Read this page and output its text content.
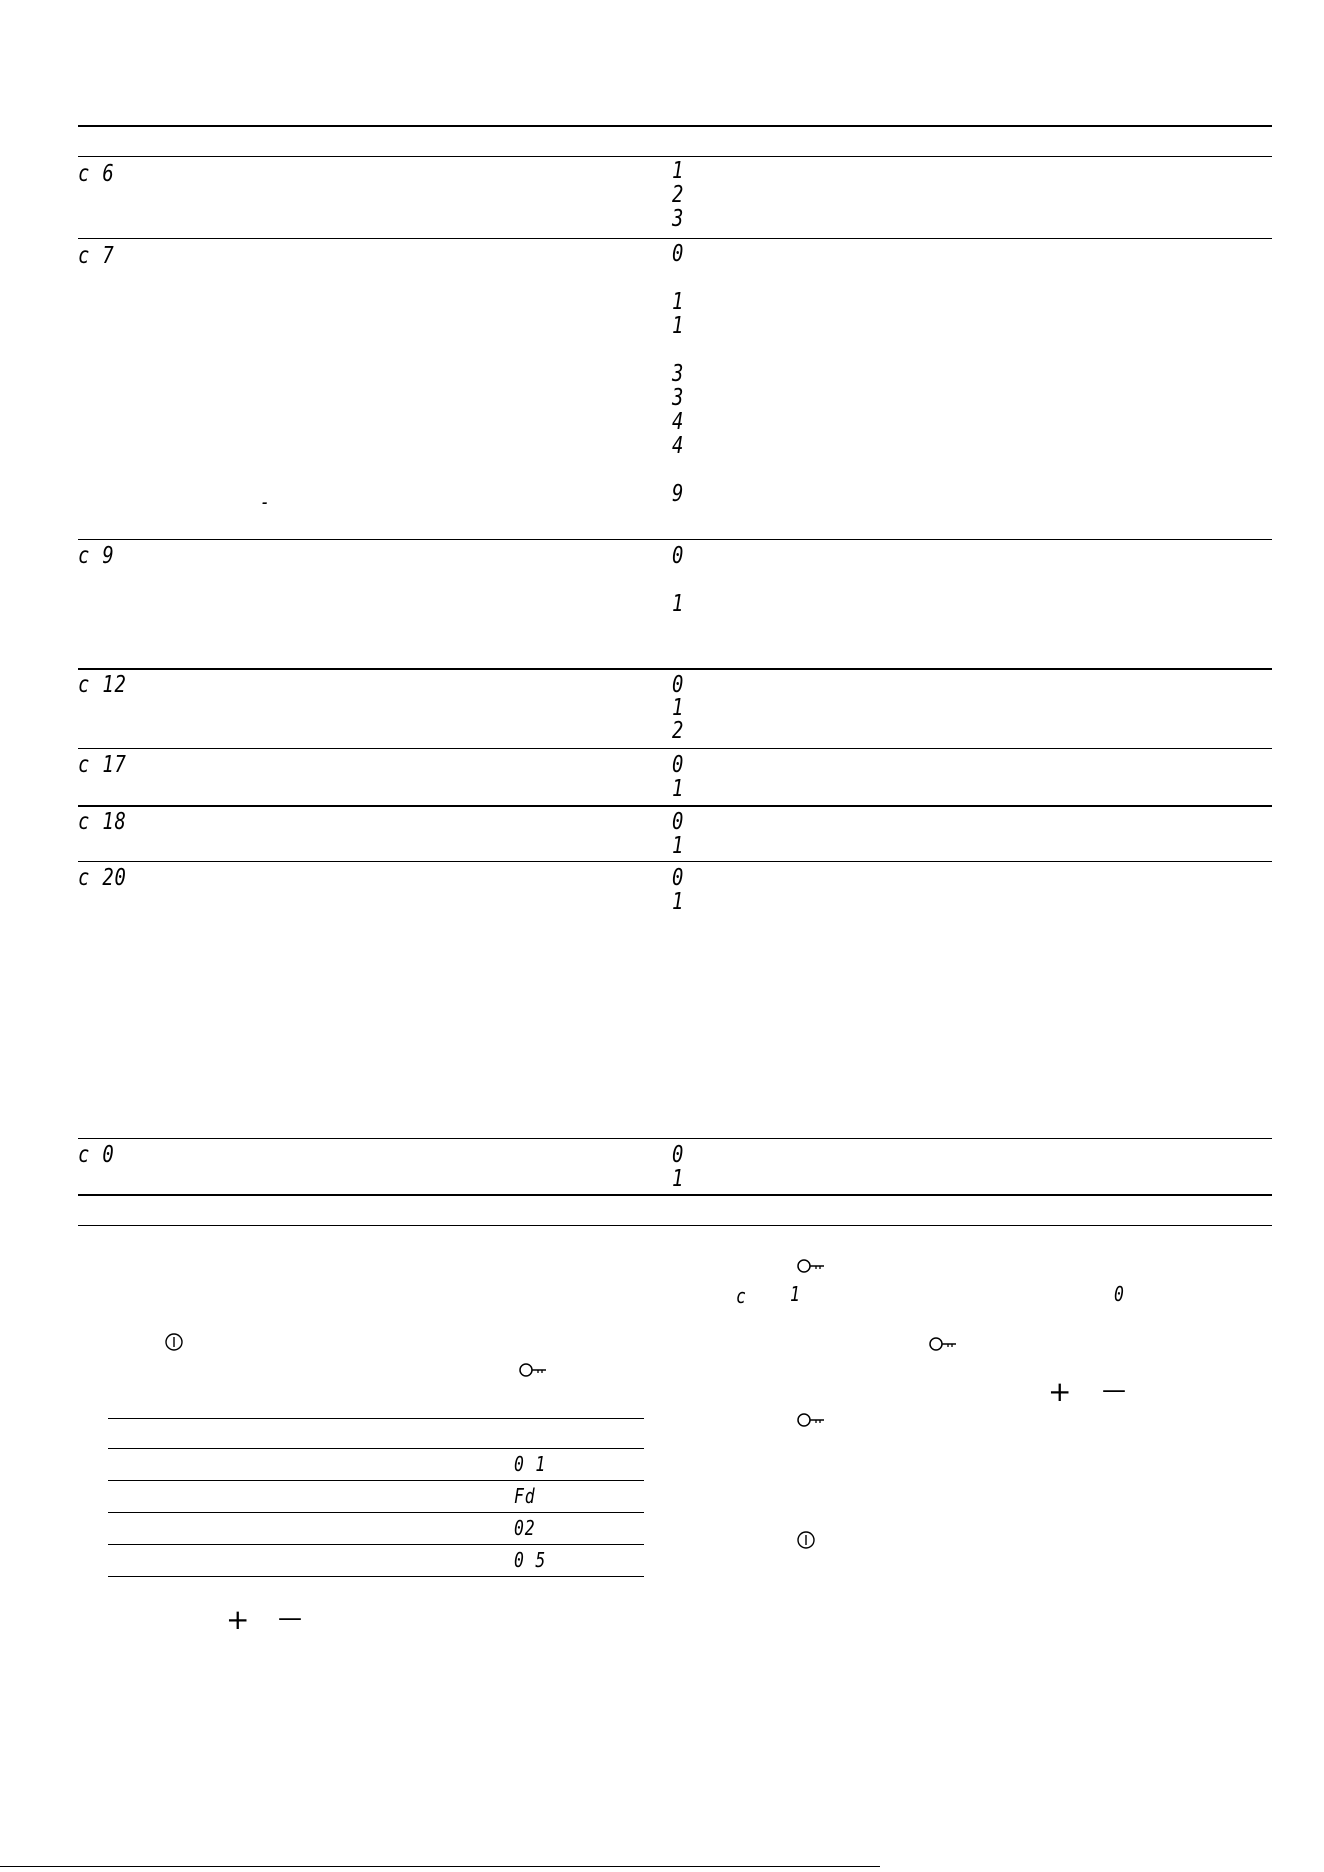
c 6	1
2
3
c 7	0
1
1
3
3
4
4
9
-
c 9	0
1
c 12	0
1
2
c 17	0
1
c 18	0
1
c 20	0
1
c 0	0
1
0 1
Fd
02
0 5
+ —
c 1	0
+ —
